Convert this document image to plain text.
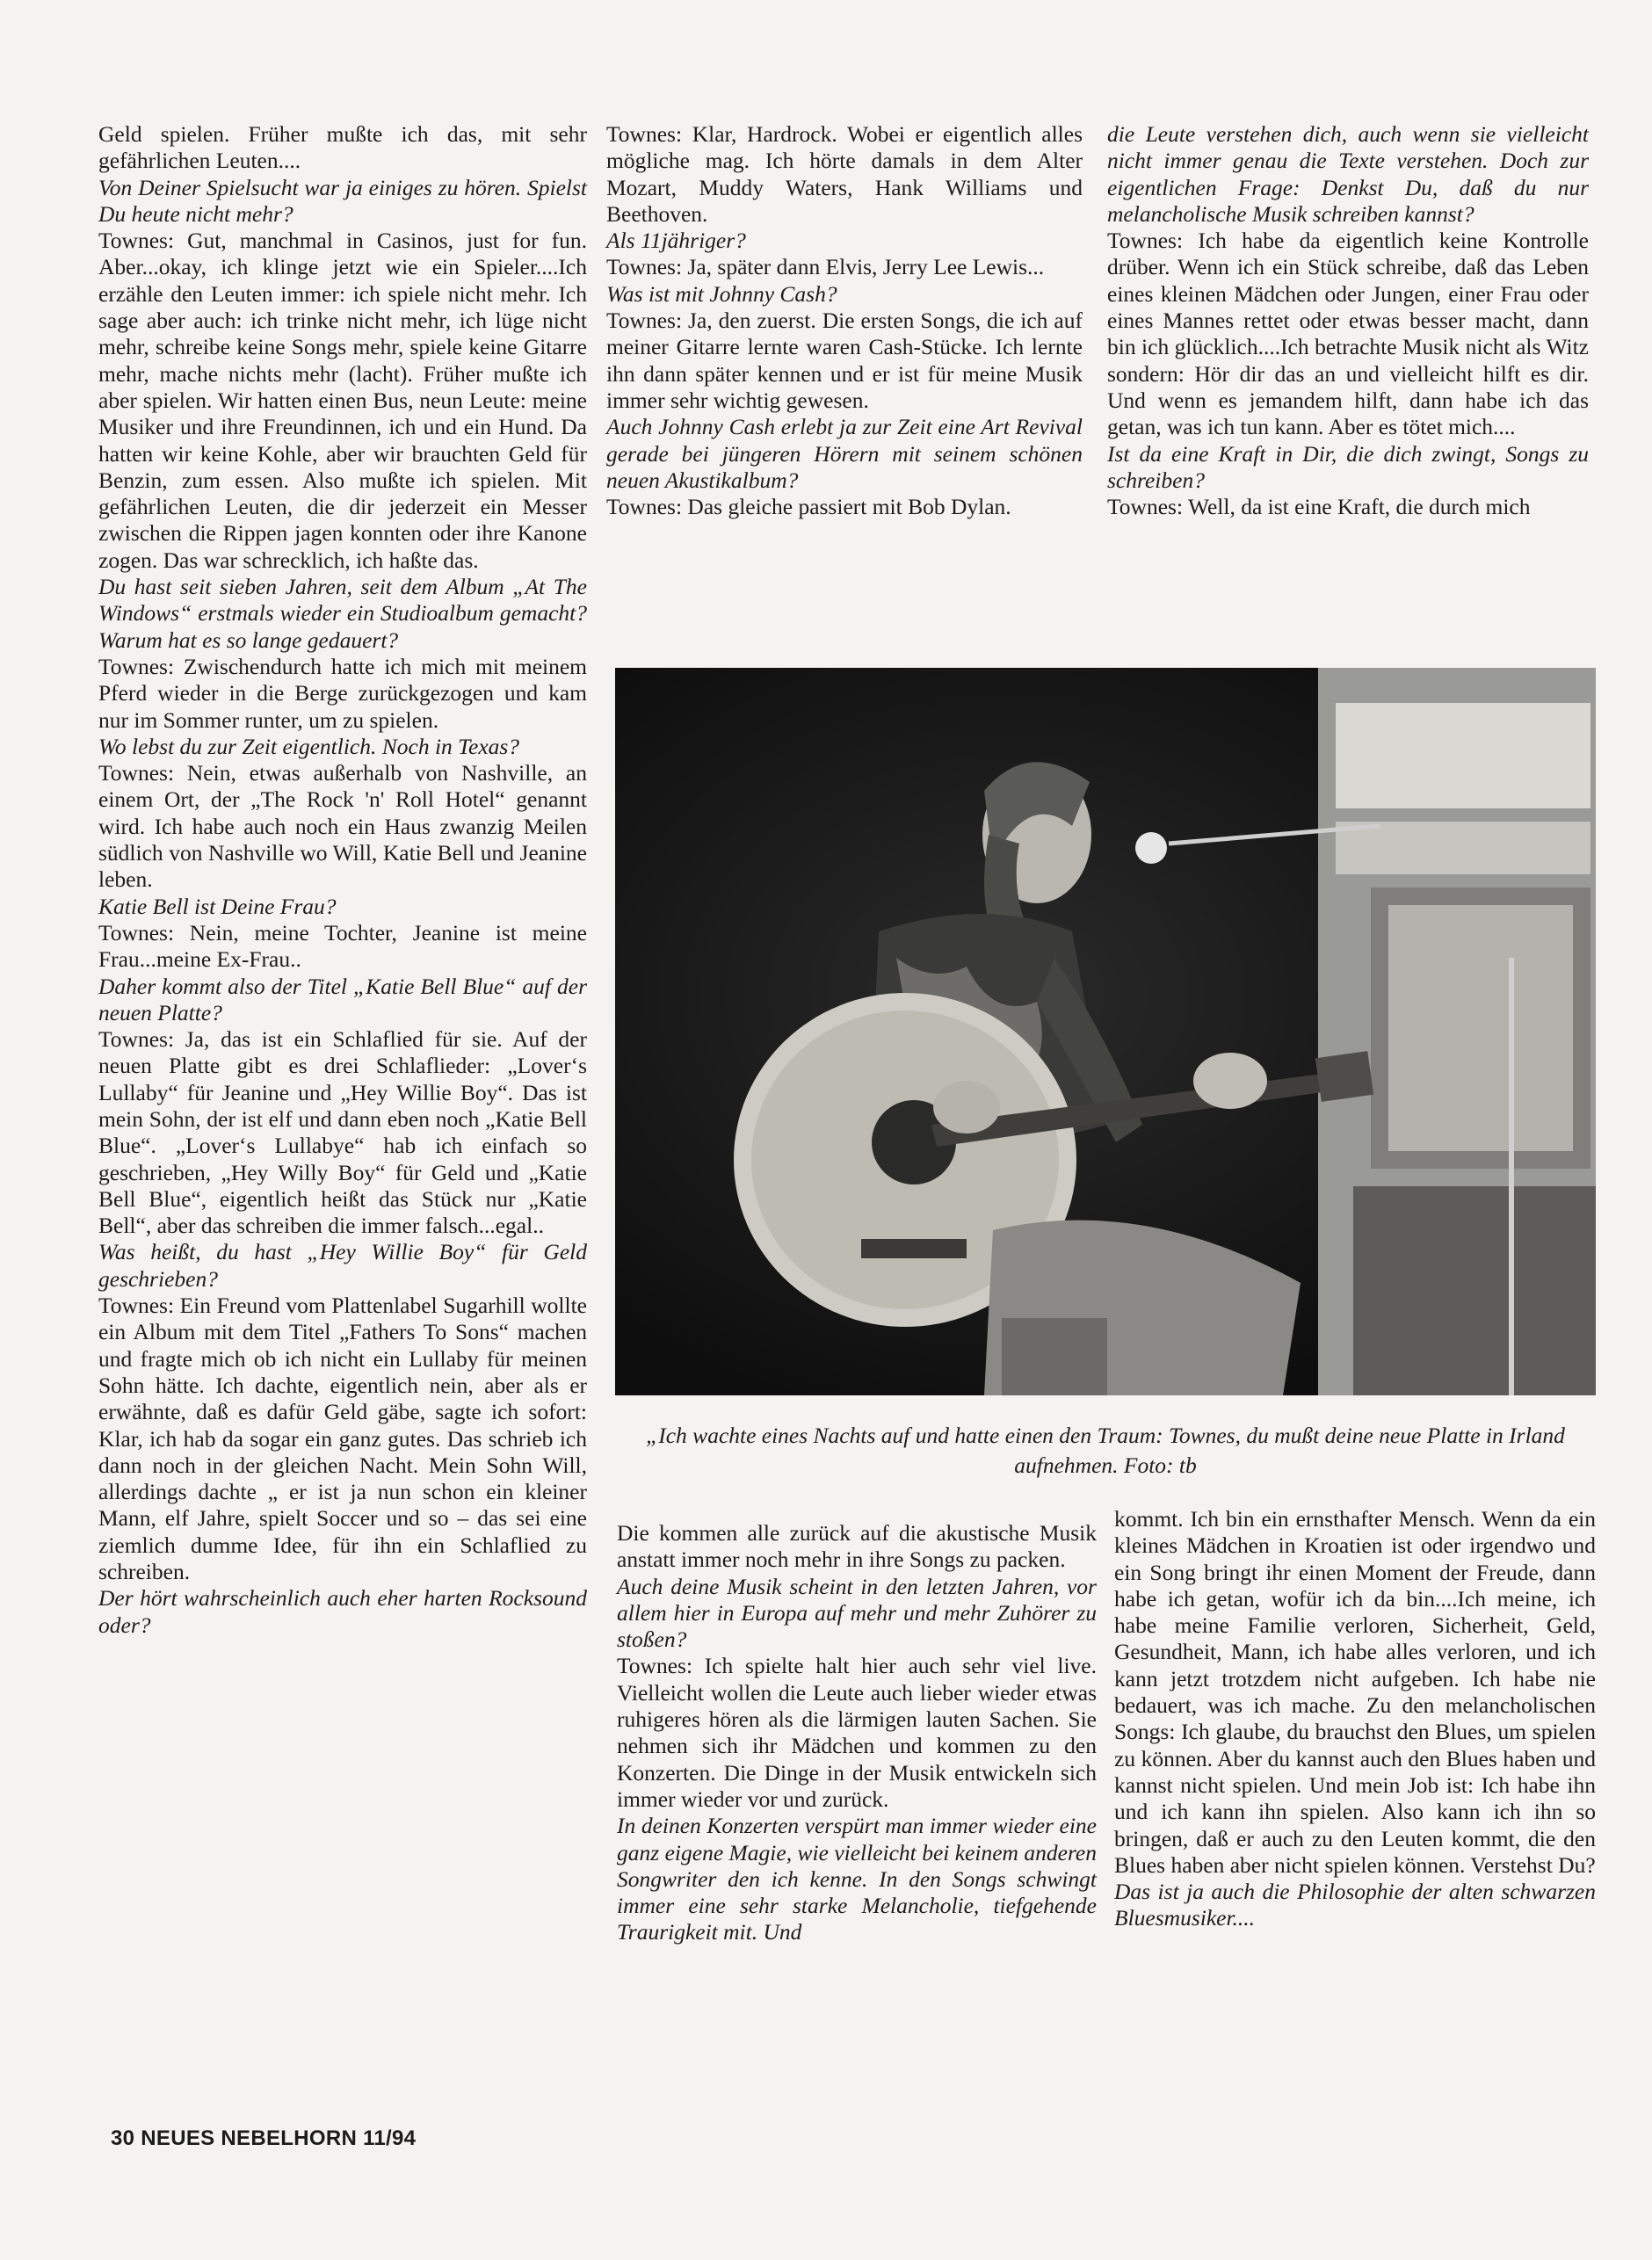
Geld spielen. Früher mußte ich das, mit sehr gefährlichen Leuten....

Von Deiner Spielsucht war ja einiges zu hören. Spielst Du heute nicht mehr?

Townes: Gut, manchmal in Casinos, just for fun. Aber...okay, ich klinge jetzt wie ein Spieler....Ich erzähle den Leuten immer: ich spiele nicht mehr. Ich sage aber auch: ich trinke nicht mehr, ich lüge nicht mehr, schreibe keine Songs mehr, spiele keine Gitarre mehr, mache nichts mehr (lacht). Früher mußte ich aber spielen. Wir hatten einen Bus, neun Leute: meine Musiker und ihre Freundinnen, ich und ein Hund. Da hatten wir keine Kohle, aber wir brauchten Geld für Benzin, zum essen. Also mußte ich spielen. Mit gefährlichen Leuten, die dir jederzeit ein Messer zwischen die Rippen jagen konnten oder ihre Kanone zogen. Das war schrecklich, ich haßte das.

Du hast seit sieben Jahren, seit dem Album „At The Windows“ erstmals wieder ein Studioalbum gemacht? Warum hat es so lange gedauert?

Townes: Zwischendurch hatte ich mich mit meinem Pferd wieder in die Berge zurückgezogen und kam nur im Sommer runter, um zu spielen.

Wo lebst du zur Zeit eigentlich. Noch in Texas?

Townes: Nein, etwas außerhalb von Nashville, an einem Ort, der „The Rock 'n' Roll Hotel“ genannt wird. Ich habe auch noch ein Haus zwanzig Meilen südlich von Nashville wo Will, Katie Bell und Jeanine leben.

Katie Bell ist Deine Frau?

Townes: Nein, meine Tochter, Jeanine ist meine Frau...meine Ex-Frau..

Daher kommt also der Titel „Katie Bell Blue“ auf der neuen Platte?

Townes: Ja, das ist ein Schlaflied für sie. Auf der neuen Platte gibt es drei Schlaflieder: „Lover‘s Lullaby“ für Jeanine und „Hey Willie Boy“. Das ist mein Sohn, der ist elf und dann eben noch „Katie Bell Blue“. „Lover‘s Lullabye“ hab ich einfach so geschrieben, „Hey Willy Boy“ für Geld und „Katie Bell Blue“, eigentlich heißt das Stück nur „Katie Bell“, aber das schreiben die immer falsch...egal..

Was heißt, du hast „Hey Willie Boy“ für Geld geschrieben?

Townes: Ein Freund vom Plattenlabel Sugarhill wollte ein Album mit dem Titel „Fathers To Sons“ machen und fragte mich ob ich nicht ein Lullaby für meinen Sohn hätte. Ich dachte, eigentlich nein, aber als er erwähnte, daß es dafür Geld gäbe, sagte ich sofort: Klar, ich hab da sogar ein ganz gutes. Das schrieb ich dann noch in der gleichen Nacht. Mein Sohn Will, allerdings dachte „ er ist ja nun schon ein kleiner Mann, elf Jahre, spielt Soccer und so – das sei eine ziemlich dumme Idee, für ihn ein Schlaflied zu schreiben.

Der hört wahrscheinlich auch eher harten Rocksound oder?

Townes: Klar, Hardrock. Wobei er eigentlich alles mögliche mag. Ich hörte damals in dem Alter Mozart, Muddy Waters, Hank Williams und Beethoven.

Als 11jähriger?

Townes: Ja, später dann Elvis, Jerry Lee Lewis...

Was ist mit Johnny Cash?

Townes: Ja, den zuerst. Die ersten Songs, die ich auf meiner Gitarre lernte waren Cash-Stücke. Ich lernte ihn dann später kennen und er ist für meine Musik immer sehr wichtig gewesen.

Auch Johnny Cash erlebt ja zur Zeit eine Art Revival gerade bei jüngeren Hörern mit seinem schönen neuen Akustikalbum?

Townes: Das gleiche passiert mit Bob Dylan.

die Leute verstehen dich, auch wenn sie vielleicht nicht immer genau die Texte verstehen. Doch zur eigentlichen Frage: Denkst Du, daß du nur melancholische Musik schreiben kannst?

Townes: Ich habe da eigentlich keine Kontrolle drüber. Wenn ich ein Stück schreibe, daß das Leben eines kleinen Mädchen oder Jungen, einer Frau oder eines Mannes rettet oder etwas besser macht, dann bin ich glücklich....Ich betrachte Musik nicht als Witz sondern: Hör dir das an und vielleicht hilft es dir. Und wenn es jemandem hilft, dann habe ich das getan, was ich tun kann. Aber es tötet mich....

Ist da eine Kraft in Dir, die dich zwingt, Songs zu schreiben?

Townes: Well, da ist eine Kraft, die durch mich

„Ich wachte eines Nachts auf und hatte einen den Traum: Townes, du mußt deine neue Platte in Irland aufnehmen. Foto: tb

Die kommen alle zurück auf die akustische Musik anstatt immer noch mehr in ihre Songs zu packen.

Auch deine Musik scheint in den letzten Jahren, vor allem hier in Europa auf mehr und mehr Zuhörer zu stoßen?

Townes: Ich spielte halt hier auch sehr viel live. Vielleicht wollen die Leute auch lieber wieder etwas ruhigeres hören als die lärmigen lauten Sachen. Sie nehmen sich ihr Mädchen und kommen zu den Konzerten. Die Dinge in der Musik entwickeln sich immer wieder vor und zurück.

In deinen Konzerten verspürt man immer wieder eine ganz eigene Magie, wie vielleicht bei keinem anderen Songwriter den ich kenne. In den Songs schwingt immer eine sehr starke Melancholie, tiefgehende Traurigkeit mit. Und

kommt. Ich bin ein ernsthafter Mensch. Wenn da ein kleines Mädchen in Kroatien ist oder irgendwo und ein Song bringt ihr einen Moment der Freude, dann habe ich getan, wofür ich da bin....Ich meine, ich habe meine Familie verloren, Sicherheit, Geld, Gesundheit, Mann, ich habe alles verloren, und ich kann jetzt trotzdem nicht aufgeben. Ich habe nie bedauert, was ich mache. Zu den melancholischen Songs: Ich glaube, du brauchst den Blues, um spielen zu können. Aber du kannst auch den Blues haben und kannst nicht spielen. Und mein Job ist: Ich habe ihn und ich kann ihn spielen. Also kann ich ihn so bringen, daß er auch zu den Leuten kommt, die den Blues haben aber nicht spielen können. Verstehst Du?

Das ist ja auch die Philosophie der alten schwarzen Bluesmusiker....

30 NEUES NEBELHORN 11/94
